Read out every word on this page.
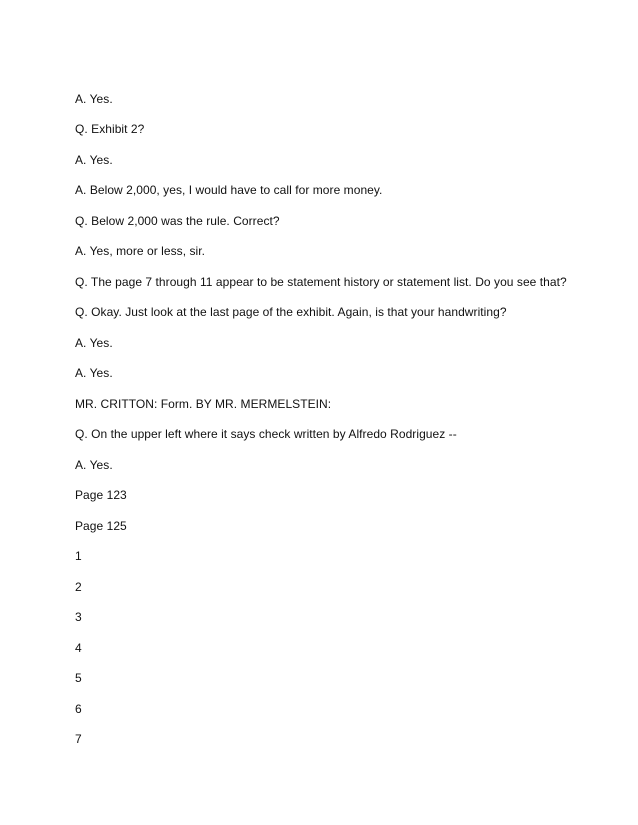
A. Yes.
Q. Exhibit 2?
A. Yes.
A. Below 2,000, yes, I would have to call for more money.
Q. Below 2,000 was the rule. Correct?
A. Yes, more or less, sir.
Q. The page 7 through 11 appear to be statement history or statement list. Do you see that?
Q. Okay. Just look at the last page of the exhibit. Again, is that your handwriting?
A. Yes.
A. Yes.
MR. CRITTON: Form. BY MR. MERMELSTEIN:
Q. On the upper left where it says check written by Alfredo Rodriguez --
A. Yes.
Page 123
Page 125
1
2
3
4
5
6
7
